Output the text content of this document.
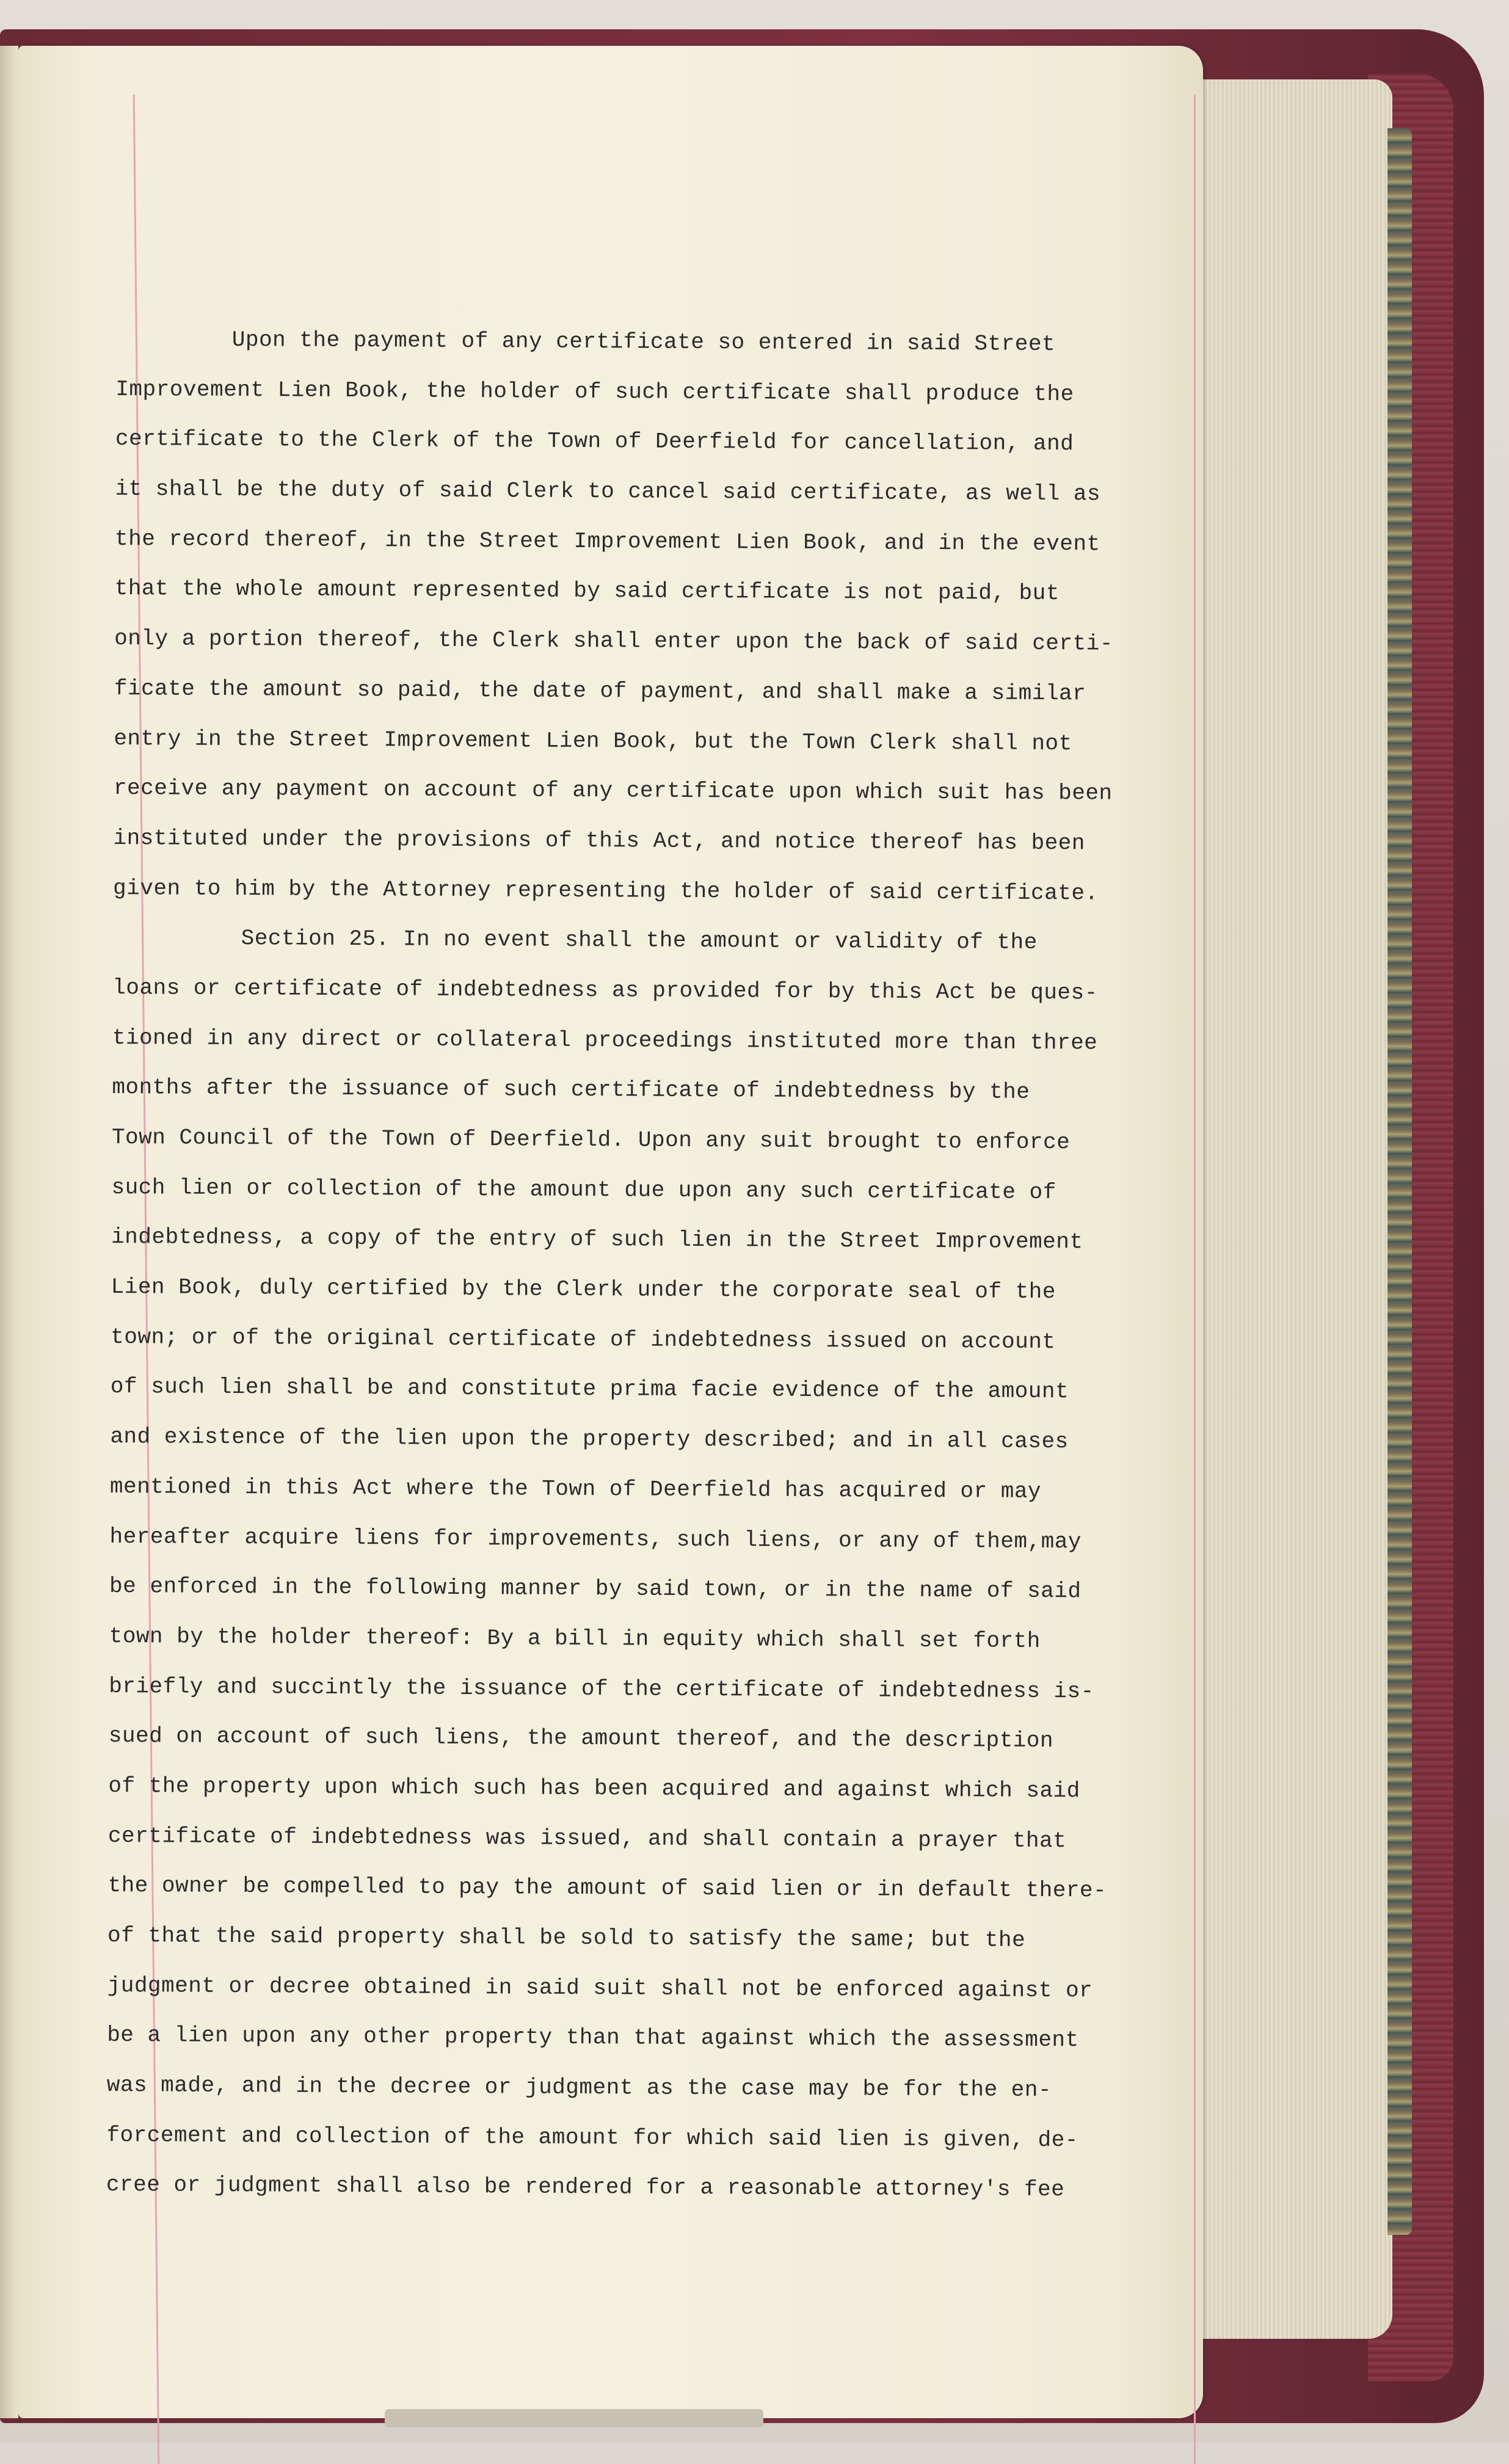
Upon the payment of any certificate so entered in said Street
Improvement Lien Book, the holder of such certificate shall produce the
certificate to the Clerk of the Town of Deerfield for cancellation, and
it shall be the duty of said Clerk to cancel said certificate, as well as
the record thereof, in the Street Improvement Lien Book, and in the event
that the whole amount represented by said certificate is not paid, but
only a portion thereof, the Clerk shall enter upon the back of said certi-
ficate the amount so paid, the date of payment, and shall make a similar
entry in the Street Improvement Lien Book, but the Town Clerk shall not
receive any payment on account of any certificate upon which suit has been
instituted under the provisions of this Act, and notice thereof has been
given to him by the Attorney representing the holder of said certificate.
Section 25. In no event shall the amount or validity of the
loans or certificate of indebtedness as provided for by this Act be ques-
tioned in any direct or collateral proceedings instituted more than three
months after the issuance of such certificate of indebtedness by the
Town Council of the Town of Deerfield. Upon any suit brought to enforce
such lien or collection of the amount due upon any such certificate of
indebtedness, a copy of the entry of such lien in the Street Improvement
Lien Book, duly certified by the Clerk under the corporate seal of the
town; or of the original certificate of indebtedness issued on account
of such lien shall be and constitute prima facie evidence of the amount
and existence of the lien upon the property described; and in all cases
mentioned in this Act where the Town of Deerfield has acquired or may
hereafter acquire liens for improvements, such liens, or any of them,may
be enforced in the following manner by said town, or in the name of said
town by the holder thereof: By a bill in equity which shall set forth
briefly and succintly the issuance of the certificate of indebtedness is-
sued on account of such liens, the amount thereof, and the description
of the property upon which such has been acquired and against which said
certificate of indebtedness was issued, and shall contain a prayer that
the owner be compelled to pay the amount of said lien or in default there-
of that the said property shall be sold to satisfy the same; but the
judgment or decree obtained in said suit shall not be enforced against or
be a lien upon any other property than that against which the assessment
was made, and in the decree or judgment as the case may be for the en-
forcement and collection of the amount for which said lien is given, de-
cree or judgment shall also be rendered for a reasonable attorney's fee
